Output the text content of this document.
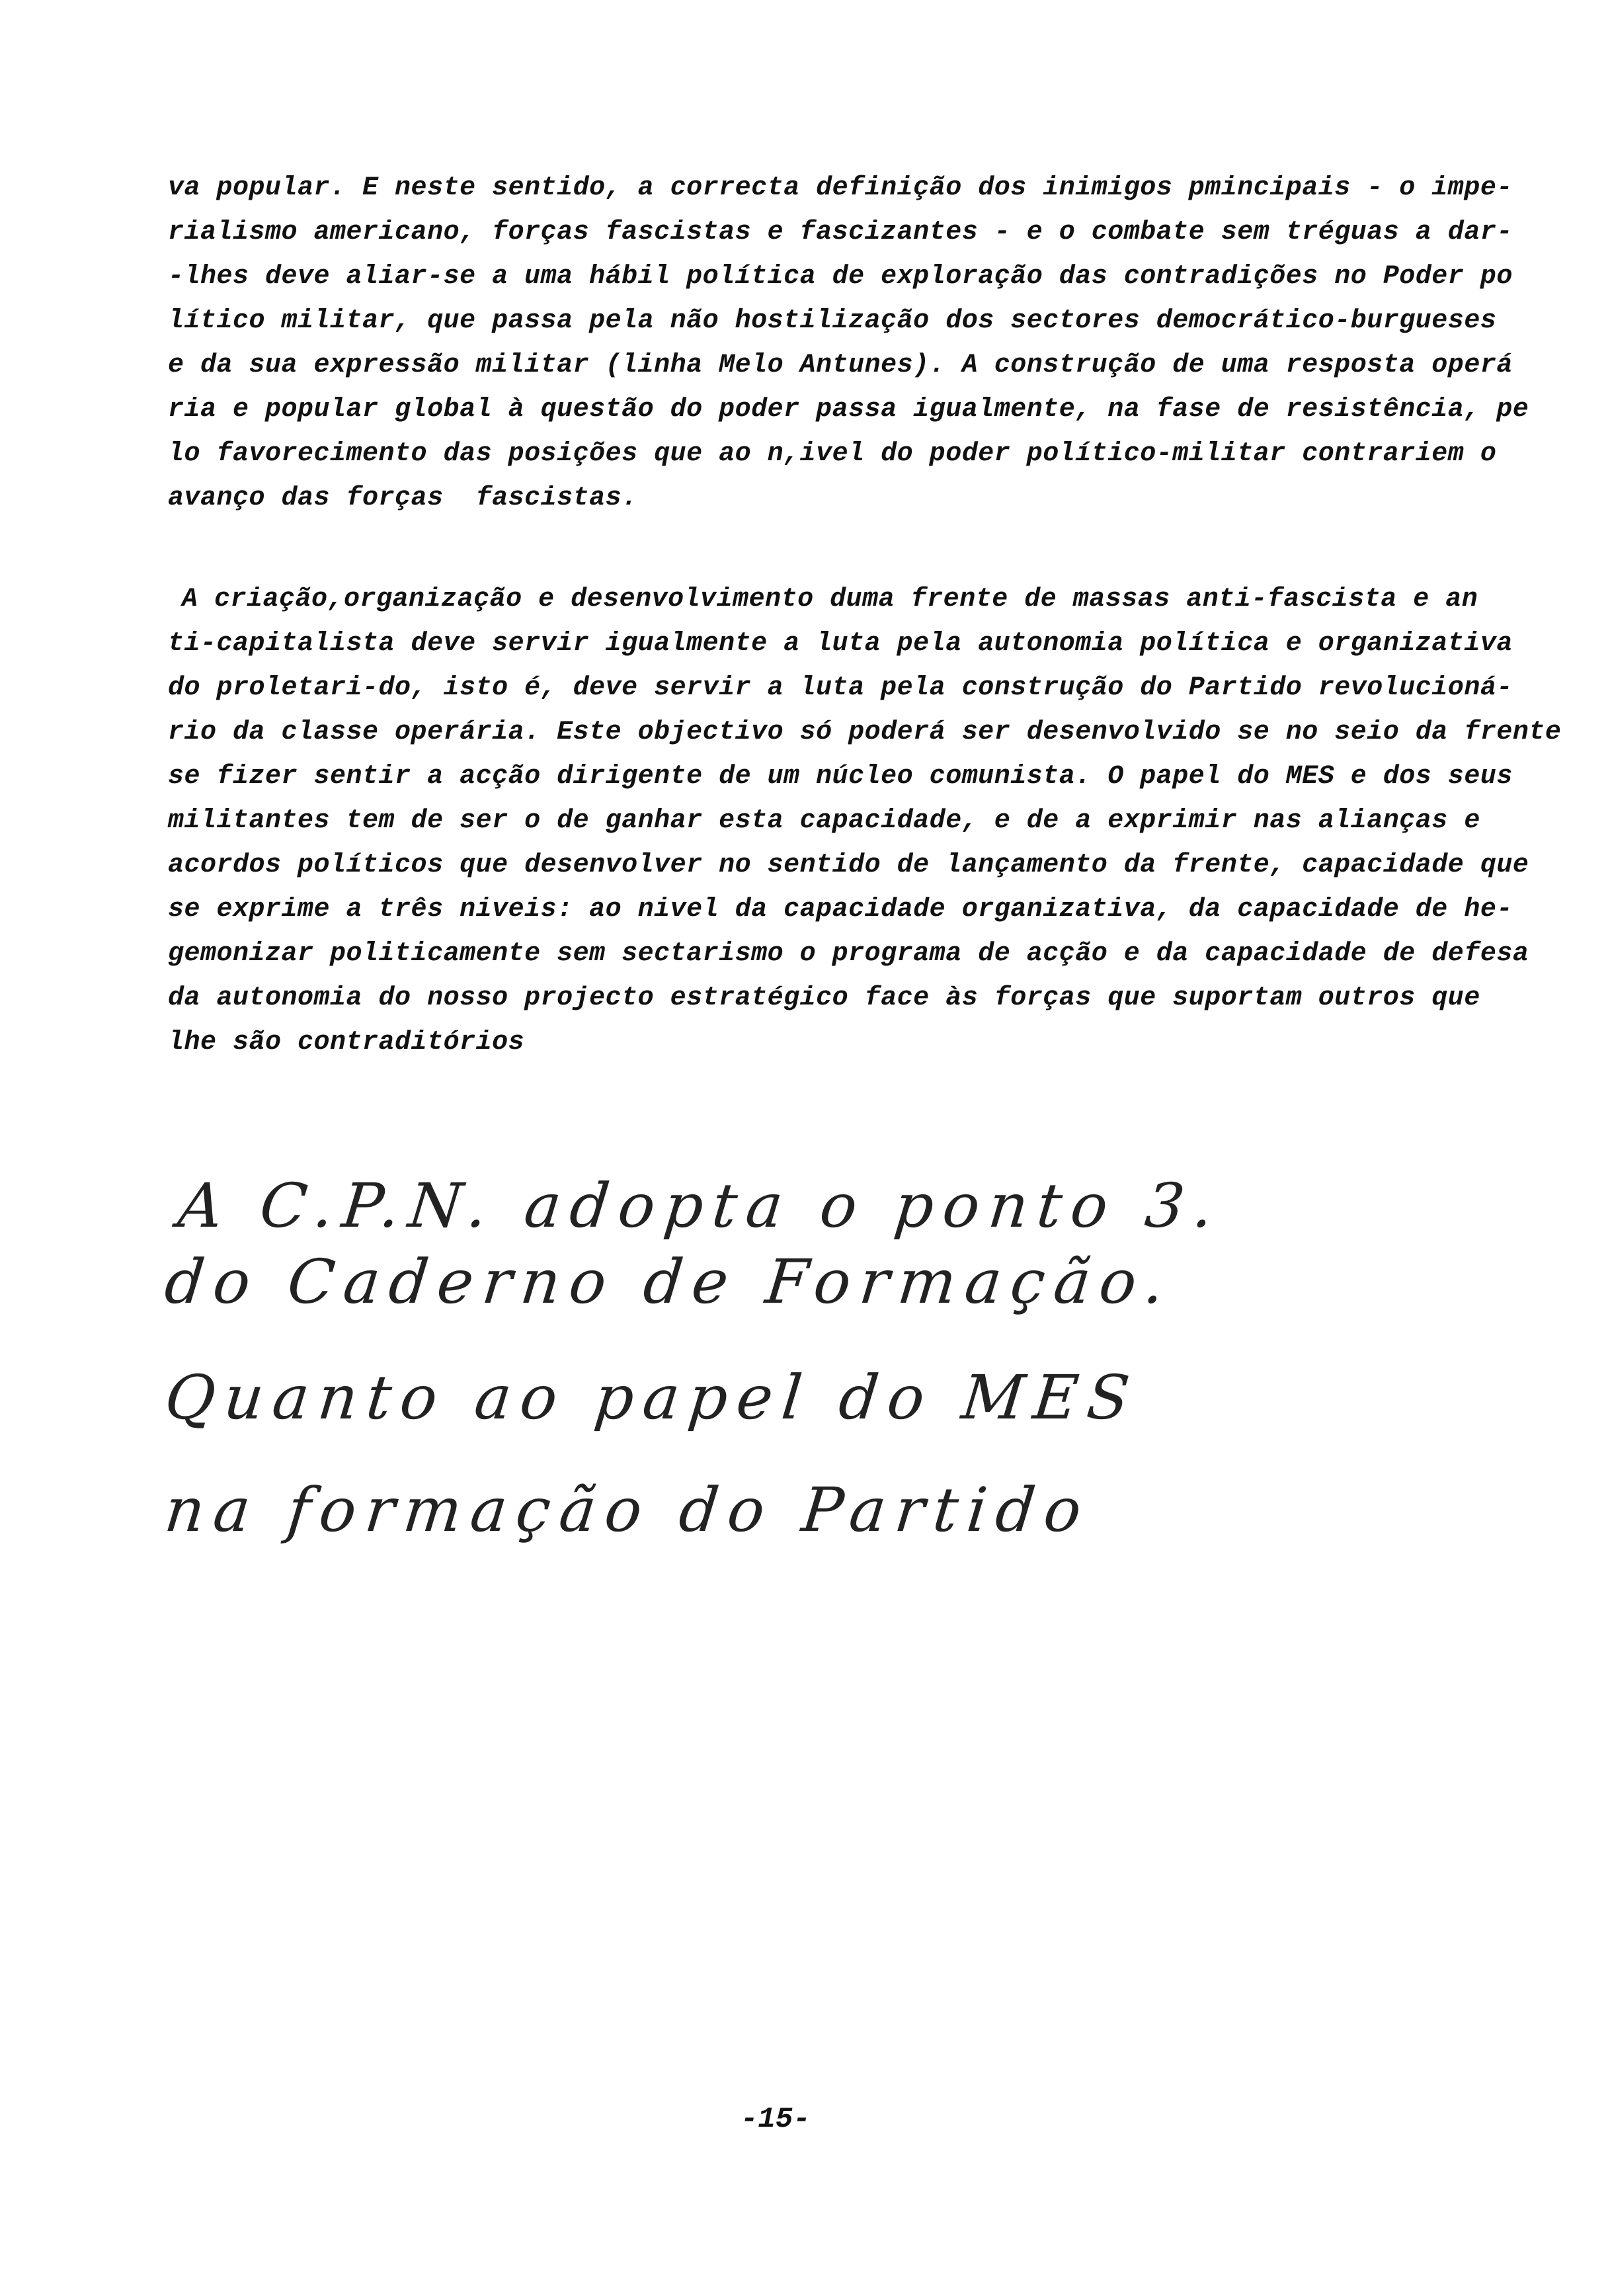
va popular. E neste sentido, a correcta definição dos inimigos pmincipais - o impe-
rialismo americano, forças fascistas e fascizantes - e o combate sem tréguas a dar-
-lhes deve aliar-se a uma hábil política de exploração das contradições no Poder po
lítico militar, que passa pela não hostilização dos sectores democrático-burgueses
e da sua expressão militar (linha Melo Antunes). A construção de uma resposta operá
ria e popular global à questão do poder passa igualmente, na fase de resistência, pe
lo favorecimento das posições que ao n,ivel do poder político-militar contrariem o
avanço das forças  fascistas.
A criação,organização e desenvolvimento duma frente de massas anti-fascista e an
ti-capitalista deve servir igualmente a luta pela autonomia política e organizativa
do proletari-do, isto é, deve servir a luta pela construção do Partido revolucioná-
rio da classe operária. Este objectivo só poderá ser desenvolvido se no seio da frente
se fizer sentir a acção dirigente de um núcleo comunista. O papel do MES e dos seus
militantes tem de ser o de ganhar esta capacidade, e de a exprimir nas alianças e
acordos políticos que desenvolver no sentido de lançamento da frente, capacidade que
se exprime a três niveis: ao nivel da capacidade organizativa, da capacidade de he-
gemonizar politicamente sem sectarismo o programa de acção e da capacidade de defesa
da autonomia do nosso projecto estratégico face às forças que suportam outros que
lhe são contraditórios
A C.P.N. adopta o ponto 3.
do Caderno de Formação.
Quanto ao papel do MES
na formação do Partido
-15-
